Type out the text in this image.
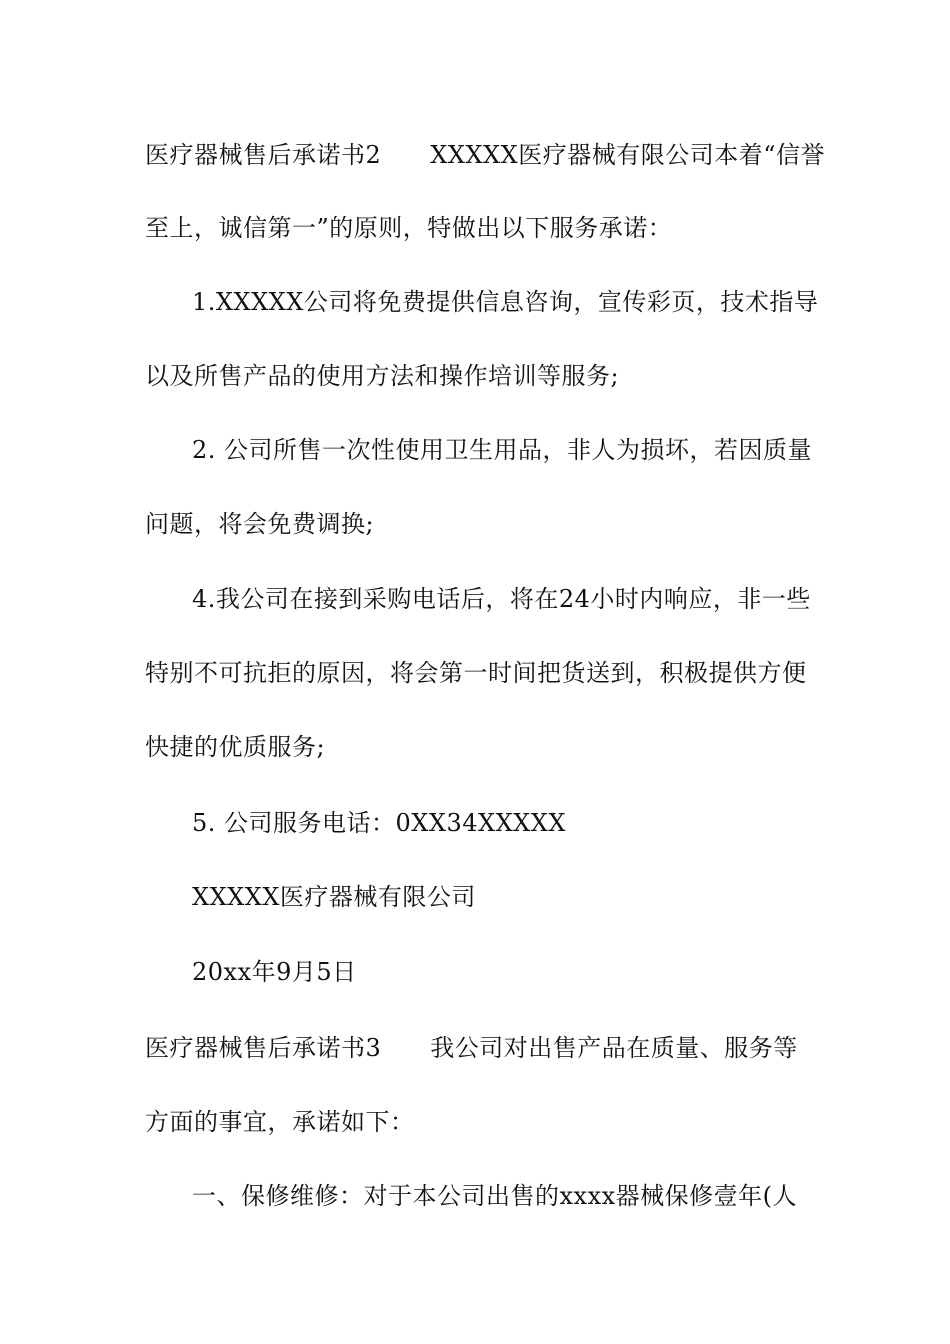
医疗器械售后承诺书2　　XXXXX医疗器械有限公司本着“信誉
至上，诚信第一”的原则，特做出以下服务承诺：
1.XXXXX公司将免费提供信息咨询，宣传彩页，技术指导
以及所售产品的使用方法和操作培训等服务;
2. 公司所售一次性使用卫生用品，非人为损坏，若因质量
问题，将会免费调换;
4.我公司在接到采购电话后，将在24小时内响应，非一些
特别不可抗拒的原因，将会第一时间把货送到，积极提供方便
快捷的优质服务;
5. 公司服务电话：0XX34XXXXX
XXXXX医疗器械有限公司
20xx年9月5日
医疗器械售后承诺书3　　我公司对出售产品在质量、服务等
方面的事宜，承诺如下：
一、保修维修：对于本公司出售的xxxx器械保修壹年(人
